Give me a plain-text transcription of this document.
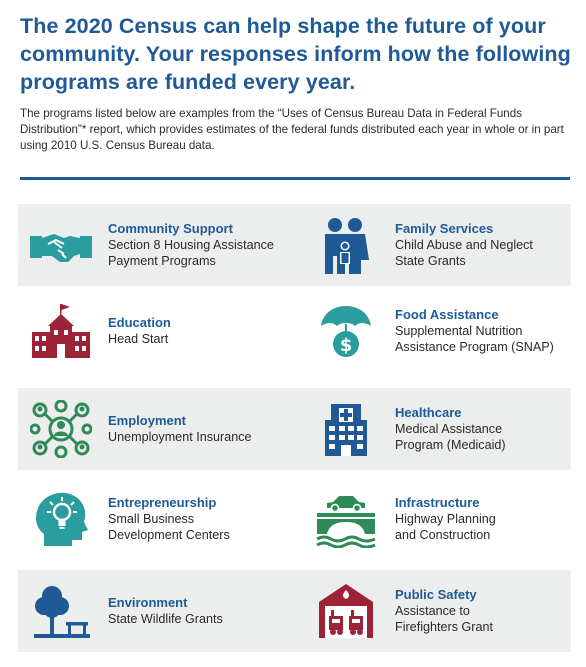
The 2020 Census can help shape the future of your community. Your responses inform how the following programs are funded every year.
The programs listed below are examples from the “Uses of Census Bureau Data in Federal Funds Distribution”* report, which provides estimates of the federal funds distributed each year in whole or in part using 2010 U.S. Census Bureau data.
Community Support
Section 8 Housing Assistance
Payment Programs
Family Services
Child Abuse and Neglect
State Grants
Education
Head Start	$
Food Assistance
Supplemental Nutrition
Assistance Program (SNAP)
Employment
Unemployment Insurance
Healthcare
Medical Assistance
Program (Medicaid)
Entrepreneurship
Small Business
Development Centers
Infrastructure
Highway Planning
and Construction
Environment
State Wildlife Grants
Public Safety
Assistance to
Firefighters Grant
